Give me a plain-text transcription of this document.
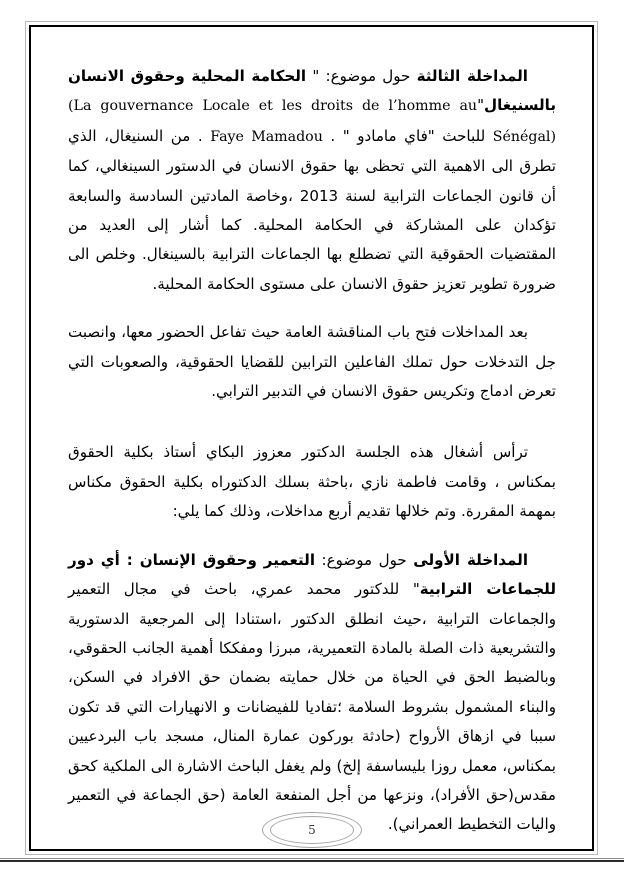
المداخلة الثالثة حول موضوع: " الحكامة المحلية وحقوق الانسان بالسنيغال"(La gouvernance Locale et les droits de l’homme au Sénégal) للباحث "فاي مامادو " . Faye Mamadou . من السنيغال، الذي تطرق الى الاهمية التي تحظى بها حقوق الانسان في الدستور السينغالي، كما أن قانون الجماعات الترابية لسنة 2013 ،وخاصة المادتين السادسة والسابعة تؤكدان على المشاركة في الحكامة المحلية. كما أشار إلى العديد من المقتضيات الحقوقية التي تضطلع بها الجماعات الترابية بالسينغال. وخلص الى ضرورة تطوير تعزيز حقوق الانسان على مستوى الحكامة المحلية.

بعد المداخلات فتح باب المناقشة العامة حيث تفاعل الحضور معها، وانصبت جل التدخلات حول تملك الفاعلين الترابين للقضايا الحقوقية، والصعوبات التي تعرض ادماج وتكريس حقوق الانسان في التدبير الترابي.

ترأس أشغال هذه الجلسة الدكتور معزوز البكاي أستاذ بكلية الحقوق بمكناس ، وقامت فاطمة نازي ،باحثة بسلك الدكتوراه بكلية الحقوق مكناس بمهمة المقررة. وتم خلالها تقديم أربع مداخلات، وذلك كما يلي:

المداخلة الأولى حول موضوع: التعمير وحقوق الإنسان : أي دور للجماعات الترابية" للدكتور محمد عمري، باحث في مجال التعمير والجماعات الترابية ،حيث انطلق الدكتور ،استنادا إلى المرجعية الدستورية والتشريعية ذات الصلة بالمادة التعميرية، مبرزا ومفككا أهمية الجانب الحقوقي، وبالضبط الحق في الحياة من خلال حمايته بضمان حق الافراد في السكن، والبناء المشمول بشروط السلامة ؛تفاديا للفيضانات و الانهيارات التي قد تكون سببا في ازهاق الأرواح (حادثة بوركون عمارة المنال، مسجد باب البردعيين بمكناس، معمل روزا بليساسفة إلخ) ولم يغفل الباحث الاشارة الى الملكية كحق مقدس(حق الأفراد)، ونزعها من أجل المنفعة العامة (حق الجماعة في التعمير واليات التخطيط العمراني).

5
